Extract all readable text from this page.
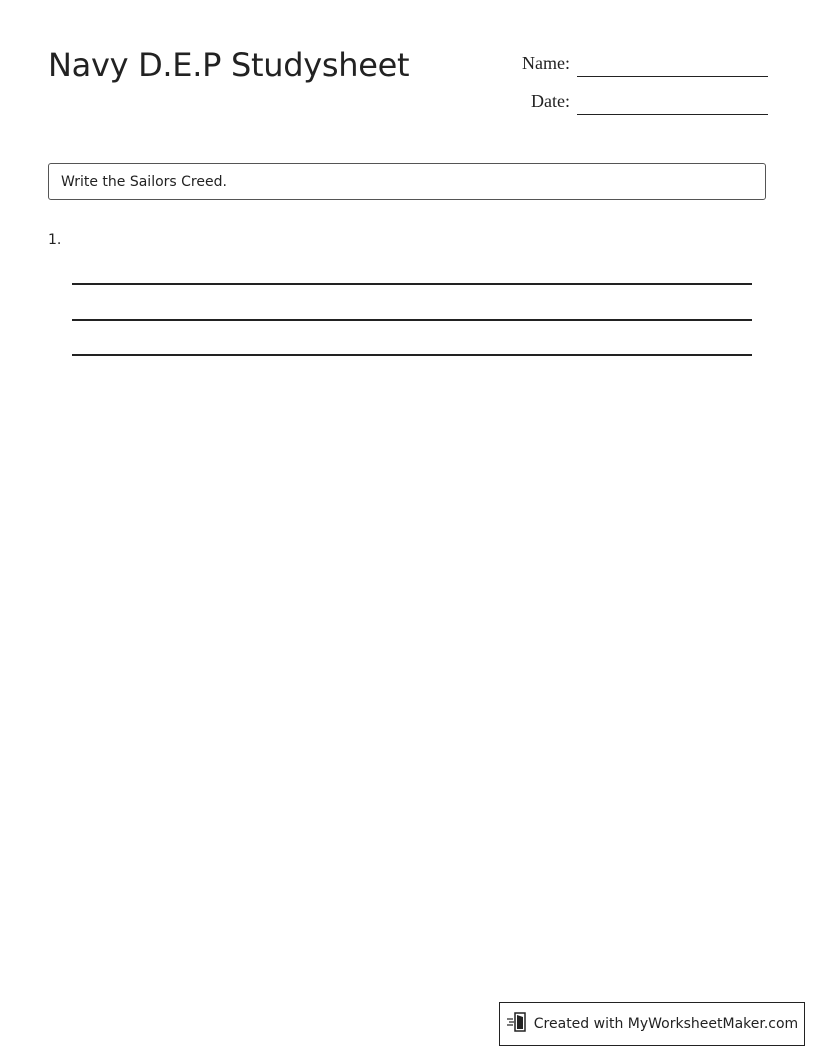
Navy D.E.P Studysheet	Name:
Date:
Write the Sailors Creed.
1.
Created with MyWorksheetMaker.com
